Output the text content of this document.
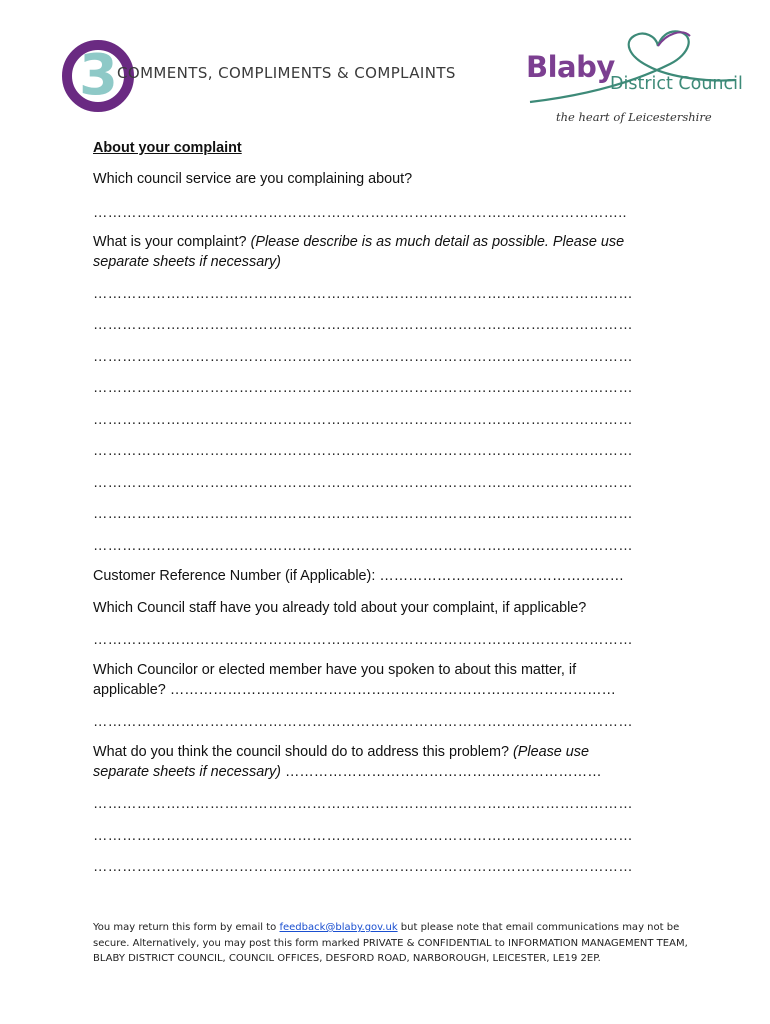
3 COMMENTS, COMPLIMENTS & COMPLAINTS Blaby
District Council
the heart of Leicestershire
About your complaint
Which council service are you complaining about?
………………………………………………………………………………………………..
What is your complaint? (Please describe is as much detail as possible. Please use
separate sheets if necessary)
…………………………………………………………………………………………………
…………………………………………………………………………………………………
…………………………………………………………………………………………………
…………………………………………………………………………………………………
…………………………………………………………………………………………………
…………………………………………………………………………………………………
…………………………………………………………………………………………………
…………………………………………………………………………………………………
…………………………………………………………………………………………………
Customer Reference Number (if Applicable): ……………………………………………
Which Council staff have you already told about your complaint, if applicable?
…………………………………………………………………………………………………
Which Councilor or elected member have you spoken to about this matter, if
applicable? …………………………………………………………………………………
…………………………………………………………………………………………………
What do you think the council should do to address this problem? (Please use
separate sheets if necessary) …………………………………………………………
…………………………………………………………………………………………………
…………………………………………………………………………………………………
…………………………………………………………………………………………………
You may return this form by email to feedback@blaby.gov.uk but please note that email communications may not be secure. Alternatively, you may post this form marked PRIVATE & CONFIDENTIAL to INFORMATION MANAGEMENT TEAM, BLABY DISTRICT COUNCIL, COUNCIL OFFICES, DESFORD ROAD, NARBOROUGH, LEICESTER, LE19 2EP.
